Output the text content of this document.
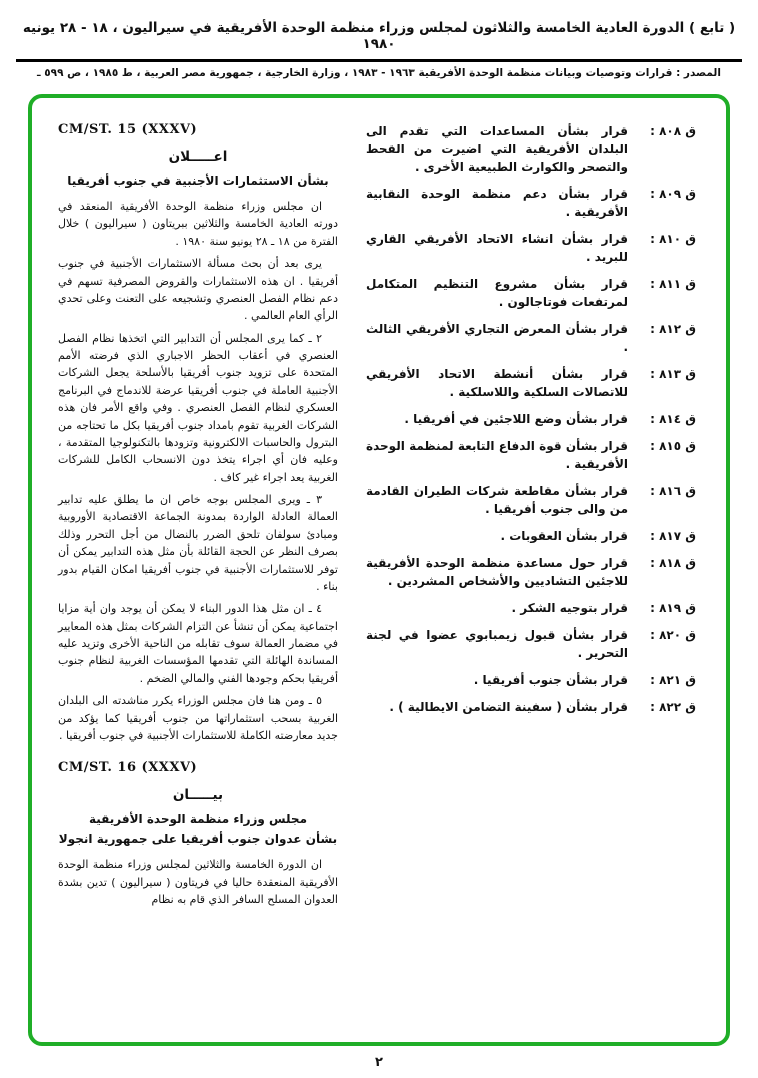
( تابع ) الدورة العادية الخامسة والثلاثون لمجلس وزراء منظمة الوحدة الأفريقية في سيراليون ، ١٨ - ٢٨ يونيه ١٩٨٠
المصدر : قرارات وتوصيات وبيانات منظمة الوحدة الأفريقية ١٩٦٣ - ١٩٨٣ ، وزارة الخارجية ، جمهورية مصر العربية ، ط ١٩٨٥ ، ص ٥٩٩ ـ
ق ٨٠٨ :
قرار بشأن المساعدات التي تقدم الى البلدان الأفريقية التي اضيرت من القحط والتصحر والكوارث الطبيعية الأخرى .
ق ٨٠٩ :
قرار بشأن دعم منظمة الوحدة النقابية الأفريقية .
ق ٨١٠ :
قرار بشأن انشاء الاتحاد الأفريقي القاري للبريد .
ق ٨١١ :
قرار بشأن مشروع التنظيم المتكامل لمرتفعات فوتاجالون .
ق ٨١٢ :
قرار بشأن المعرض التجاري الأفريقي الثالث .
ق ٨١٣ :
قرار بشأن أنشطة الاتحاد الأفريقي للاتصالات السلكية واللاسلكية .
ق ٨١٤ :
قرار بشأن وضع اللاجئين في أفريقيا .
ق ٨١٥ :
قرار بشأن قوة الدفاع التابعة لمنظمة الوحدة الأفريقية .
ق ٨١٦ :
قرار بشأن مقاطعة شركات الطيران القادمة من والى جنوب أفريقيا .
ق ٨١٧ :
قرار بشأن العقوبات .
ق ٨١٨ :
قرار حول مساعدة منظمة الوحدة الأفريقية للاجئين التشاديين والأشخاص المشردين .
ق ٨١٩ :
قرار بتوجيه الشكر .
ق ٨٢٠ :
قرار بشأن قبول زيمبابوي عضوا في لجنة التحرير .
ق ٨٢١ :
قرار بشأن جنوب أفريقيا .
ق ٨٢٢ :
قرار بشأن ( سفينة التضامن الايطالية ) .
CM/ST. 15 (XXXV)
اعـــــلان
بشأن الاستثمارات الأجنبية في جنوب أفريقيا

ان مجلس وزراء منظمة الوحدة الأفريقية المنعقد في دورته العادية الخامسة والثلاثين ببريتاون ( سيراليون ) خلال الفترة من ١٨ ـ ٢٨ يونيو سنة ١٩٨٠ .

يرى بعد أن بحث مسألة الاستثمارات الأجنبية في جنوب أفريقيا . ان هذه الاستثمارات والقروض المصرفية تسهم في دعم نظام الفصل العنصري وتشجيعه على التعنت وعلى تحدي الرأي العام العالمي .

٢ ـ كما يرى المجلس أن التدابير التي اتخذها نظام الفصل العنصري في أعقاب الحظر الاجباري الذي فرضته الأمم المتحدة على تزويد جنوب أفريقيا بالأسلحة يجعل الشركات الأجنبية العاملة في جنوب أفريقيا عرضة للاندماج في البرنامج العسكري لنظام الفصل العنصري . وفي واقع الأمر فان هذه الشركات الغربية تقوم بامداد جنوب أفريقيا بكل ما تحتاجه من البترول والحاسبات الالكترونية وتزودها بالتكنولوجيا المتقدمة ، وعليه فان أي اجراء يتخذ دون الانسحاب الكامل للشركات الغربية يعد اجراء غير كاف .

٣ ـ ويرى المجلس بوجه خاص ان ما يطلق عليه تدابير العمالة العادلة الواردة بمدونة الجماعة الاقتصادية الأوروبية ومبادئ سولفان تلحق الضرر بالنضال من أجل التحرر وذلك بصرف النظر عن الحجة القائلة بأن مثل هذه التدابير يمكن أن توفر للاستثمارات الأجنبية في جنوب أفريقيا امكان القيام بدور بناء .

٤ ـ ان مثل هذا الدور البناء لا يمكن أن يوجد وان أية مزايا اجتماعية يمكن أن تنشأ عن التزام الشركات بمثل هذه المعايير في مضمار العمالة سوف تقابله من الناحية الأخرى وتزيد عليه المساندة الهائلة التي تقدمها المؤسسات الغربية لنظام جنوب أفريقيا بحكم وجودها الفني والمالي الضخم .

٥ ـ ومن هنا فان مجلس الوزراء يكرر مناشدته الى البلدان الغربية بسحب استثماراتها من جنوب أفريقيا كما يؤكد من جديد معارضته الكاملة للاستثمارات الأجنبية في جنوب أفريقيا .

CM/ST. 16 (XXXV)
بيـــــان
مجلس وزراء منظمة الوحدة الأفريقية
بشأن عدوان جنوب أفريقيا على جمهورية انجولا

ان الدورة الخامسة والثلاثين لمجلس وزراء منظمة الوحدة الأفريقية المنعقدة حاليا في فريتاون ( سيراليون ) تدين بشدة العدوان المسلح السافر الذي قام به نظام

٢
